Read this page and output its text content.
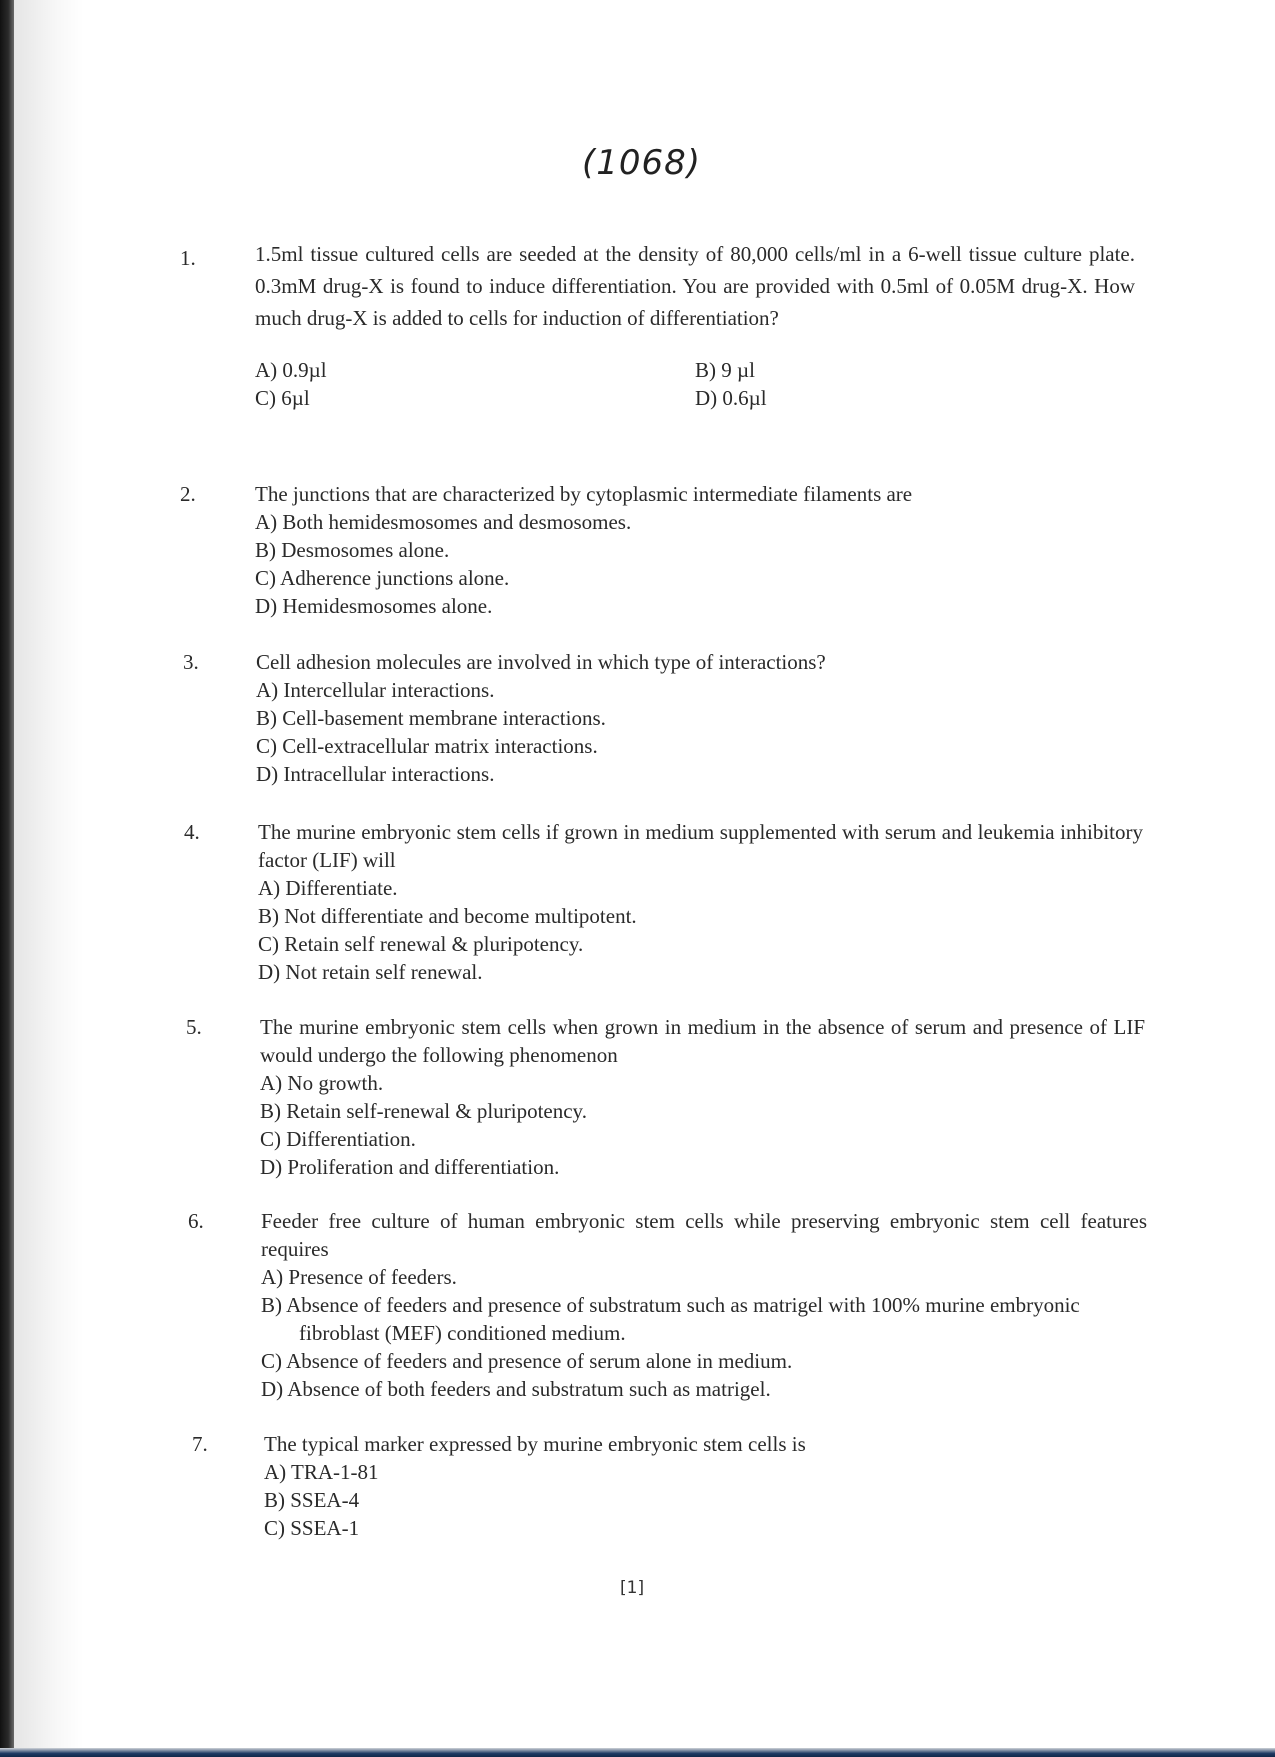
(1068)
1.	1.5ml tissue cultured cells are seeded at the density of 80,000 cells/ml in a 6-well tissue culture plate. 0.3mM drug-X is found to induce differentiation. You are provided with 0.5ml of 0.05M drug-X. How much drug-X is added to cells for induction of differentiation?

A) 0.9µl	B) 9 µl

C) 6µl	D) 0.6µl

2.	The junctions that are characterized by cytoplasmic intermediate filaments are

A) Both hemidesmosomes and desmosomes.

B) Desmosomes alone.

C) Adherence junctions alone.

D) Hemidesmosomes alone.

3.	Cell adhesion molecules are involved in which type of interactions?

A) Intercellular interactions.

B) Cell-basement membrane interactions.

C) Cell-extracellular matrix interactions.

D) Intracellular interactions.

4.	The murine embryonic stem cells if grown in medium supplemented with serum and leukemia inhibitory factor (LIF) will

A) Differentiate.

B) Not differentiate and become multipotent.

C) Retain self renewal & pluripotency.

D) Not retain self renewal.

5.	The murine embryonic stem cells when grown in medium in the absence of serum and presence of LIF would undergo the following phenomenon

A) No growth.

B) Retain self-renewal & pluripotency.

C) Differentiation.

D) Proliferation and differentiation.

6.	Feeder free culture of human embryonic stem cells while preserving embryonic stem cell features requires

A) Presence of feeders.

B) Absence of feeders and presence of substratum such as matrigel with 100% murine embryonic fibroblast (MEF) conditioned medium.

C) Absence of feeders and presence of serum alone in medium.

D) Absence of both feeders and substratum such as matrigel.

7.	The typical marker expressed by murine embryonic stem cells is

A) TRA-1-81

B) SSEA-4

C) SSEA-1

[1]
